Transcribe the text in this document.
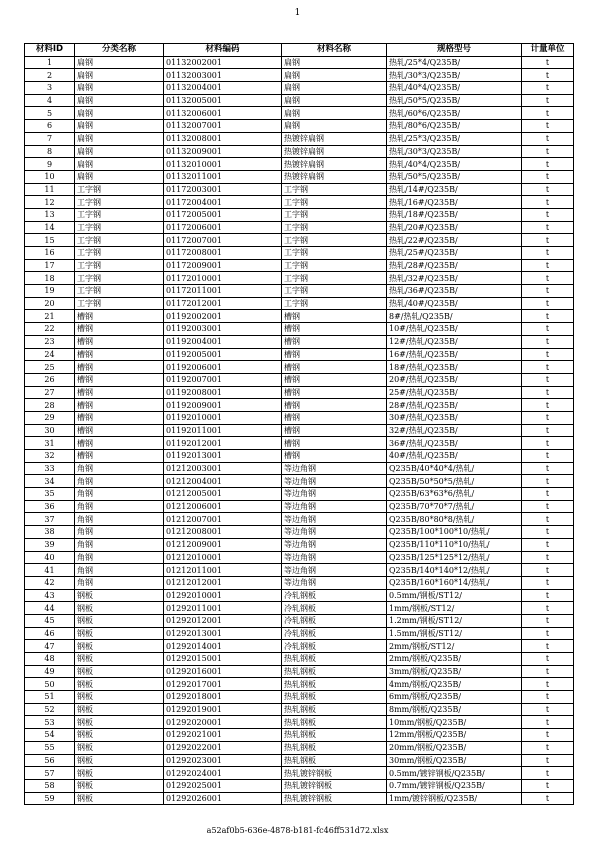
1
材料ID	分类名称	材料编码	材料名称	规格型号	计量单位
1	扁钢	01132002001	扁钢	热轧/25*4/Q235B/	t
2	扁钢	01132003001	扁钢	热轧/30*3/Q235B/	t
3	扁钢	01132004001	扁钢	热轧/40*4/Q235B/	t
4	扁钢	01132005001	扁钢	热轧/50*5/Q235B/	t
5	扁钢	01132006001	扁钢	热轧/60*6/Q235B/	t
6	扁钢	01132007001	扁钢	热轧/80*6/Q235B/	t
7	扁钢	01132008001	热镀锌扁钢	热轧/25*3/Q235B/	t
8	扁钢	01132009001	热镀锌扁钢	热轧/30*3/Q235B/	t
9	扁钢	01132010001	热镀锌扁钢	热轧/40*4/Q235B/	t
10	扁钢	01132011001	热镀锌扁钢	热轧/50*5/Q235B/	t
11	工字钢	01172003001	工字钢	热轧/14#/Q235B/	t
12	工字钢	01172004001	工字钢	热轧/16#/Q235B/	t
13	工字钢	01172005001	工字钢	热轧/18#/Q235B/	t
14	工字钢	01172006001	工字钢	热轧/20#/Q235B/	t
15	工字钢	01172007001	工字钢	热轧/22#/Q235B/	t
16	工字钢	01172008001	工字钢	热轧/25#/Q235B/	t
17	工字钢	01172009001	工字钢	热轧/28#/Q235B/	t
18	工字钢	01172010001	工字钢	热轧/32#/Q235B/	t
19	工字钢	01172011001	工字钢	热轧/36#/Q235B/	t
20	工字钢	01172012001	工字钢	热轧/40#/Q235B/	t
21	槽钢	01192002001	槽钢	8#/热轧/Q235B/	t
22	槽钢	01192003001	槽钢	10#/热轧/Q235B/	t
23	槽钢	01192004001	槽钢	12#/热轧/Q235B/	t
24	槽钢	01192005001	槽钢	16#/热轧/Q235B/	t
25	槽钢	01192006001	槽钢	18#/热轧/Q235B/	t
26	槽钢	01192007001	槽钢	20#/热轧/Q235B/	t
27	槽钢	01192008001	槽钢	25#/热轧/Q235B/	t
28	槽钢	01192009001	槽钢	28#/热轧/Q235B/	t
29	槽钢	01192010001	槽钢	30#/热轧/Q235B/	t
30	槽钢	01192011001	槽钢	32#/热轧/Q235B/	t
31	槽钢	01192012001	槽钢	36#/热轧/Q235B/	t
32	槽钢	01192013001	槽钢	40#/热轧/Q235B/	t
33	角钢	01212003001	等边角钢	Q235B/40*40*4/热轧/	t
34	角钢	01212004001	等边角钢	Q235B/50*50*5/热轧/	t
35	角钢	01212005001	等边角钢	Q235B/63*63*6/热轧/	t
36	角钢	01212006001	等边角钢	Q235B/70*70*7/热轧/	t
37	角钢	01212007001	等边角钢	Q235B/80*80*8/热轧/	t
38	角钢	01212008001	等边角钢	Q235B/100*100*10/热轧/	t
39	角钢	01212009001	等边角钢	Q235B/110*110*10/热轧/	t
40	角钢	01212010001	等边角钢	Q235B/125*125*12/热轧/	t
41	角钢	01212011001	等边角钢	Q235B/140*140*12/热轧/	t
42	角钢	01212012001	等边角钢	Q235B/160*160*14/热轧/	t
43	钢板	01292010001	冷轧钢板	0.5mm/钢板/ST12/	t
44	钢板	01292011001	冷轧钢板	1mm/钢板/ST12/	t
45	钢板	01292012001	冷轧钢板	1.2mm/钢板/ST12/	t
46	钢板	01292013001	冷轧钢板	1.5mm/钢板/ST12/	t
47	钢板	01292014001	冷轧钢板	2mm/钢板/ST12/	t
48	钢板	01292015001	热轧钢板	2mm/钢板/Q235B/	t
49	钢板	01292016001	热轧钢板	3mm/钢板/Q235B/	t
50	钢板	01292017001	热轧钢板	4mm/钢板/Q235B/	t
51	钢板	01292018001	热轧钢板	6mm/钢板/Q235B/	t
52	钢板	01292019001	热轧钢板	8mm/钢板/Q235B/	t
53	钢板	01292020001	热轧钢板	10mm/钢板/Q235B/	t
54	钢板	01292021001	热轧钢板	12mm/钢板/Q235B/	t
55	钢板	01292022001	热轧钢板	20mm/钢板/Q235B/	t
56	钢板	01292023001	热轧钢板	30mm/钢板/Q235B/	t
57	钢板	01292024001	热轧镀锌钢板	0.5mm/镀锌钢板/Q235B/	t
58	钢板	01292025001	热轧镀锌钢板	0.7mm/镀锌钢板/Q235B/	t
59	钢板	01292026001	热轧镀锌钢板	1mm/镀锌钢板/Q235B/	t
a52af0b5-636e-4878-b181-fc46ff531d72.xlsx
